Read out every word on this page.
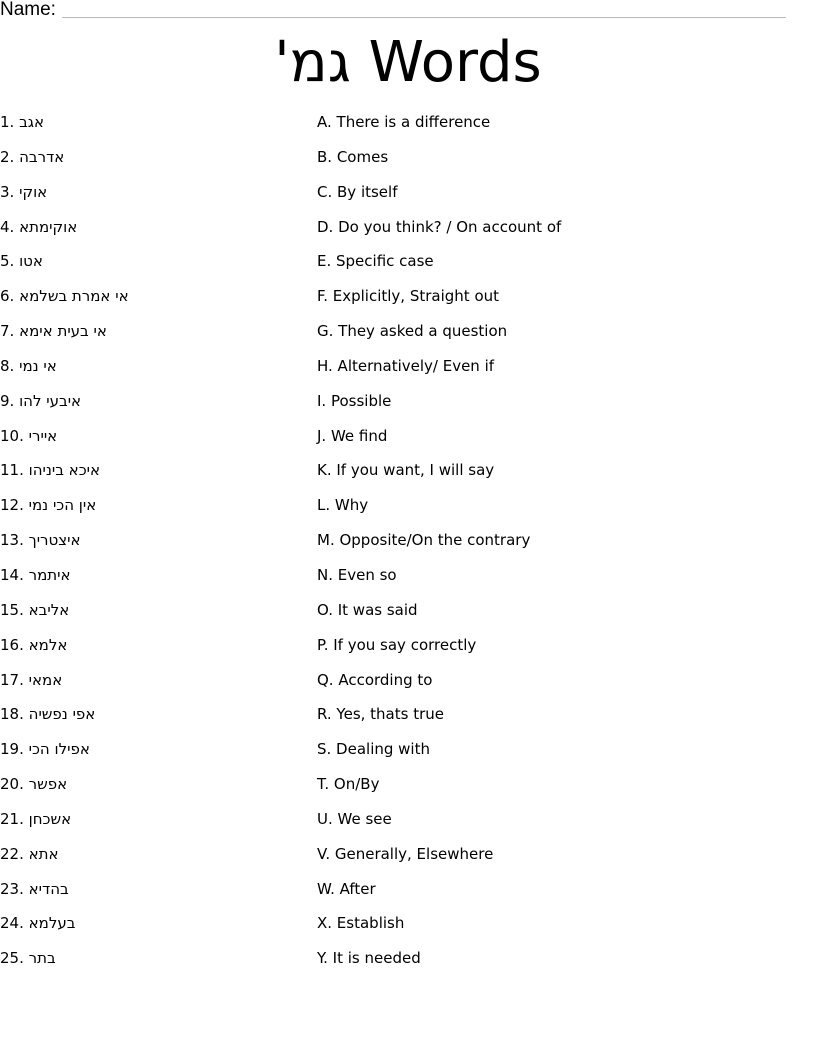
Name:
'גמ Words
1. אגב
2. אדרבה
3. אוקי
4. אוקימתא
5. אטו
6. אי אמרת בשלמא
7. אי בעית אימא
8. אי נמי
9. איבעי להו
10. איירי
11. איכא ביניהו
12. אין הכי נמי
13. איצטריך
14. איתמר
15. אליבא
16. אלמא
17. אמאי
18. אפי נפשיה
19. אפילו הכי
20. אפשר
21. אשכחן
22. אתא
23. בהדיא
24. בעלמא
25. בתר
A. There is a difference
B. Comes
C. By itself
D. Do you think? / On account of
E. Specific case
F. Explicitly, Straight out
G. They asked a question
H. Alternatively/ Even if
I. Possible
J. We find
K. If you want, I will say
L. Why
M. Opposite/On the contrary
N. Even so
O. It was said
P. If you say correctly
Q. According to
R. Yes, thats true
S. Dealing with
T. On/By
U. We see
V. Generally, Elsewhere
W. After
X. Establish
Y. It is needed
